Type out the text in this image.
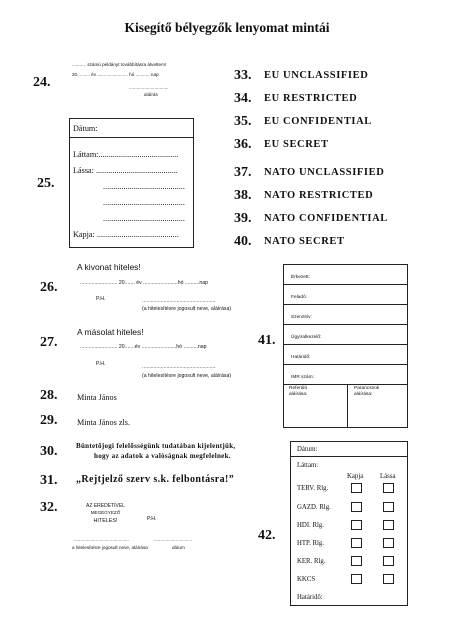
Kisegítő bélyegzők lenyomat mintái
24.
........... számú példányt továbbításra átvettem!
20.......... év ........................ hó ........... nap
...............................
aláírás
25.
Dátum:
Láttam:.......................................
Lássa: ........................................
........................................
........................................
........................................
Kapja: ........................................
33. EU UNCLASSIFIED
34. EU RESTRICTED
35. EU CONFIDENTIAL
36. EU SECRET
37. NATO UNCLASSIFIED
38. NATO RESTRICTED
39. NATO CONFIDENTIAL
40. NATO SECRET
26.
A kivonat hiteles!
.......................... 20....... év ........................hó ..........nap
P.H.	...................................................
(a hitelesítésre jogosult neve, aláírása)
27.
A másolat hiteles!
.......................... 20.......év ........................hó ..........nap
P.H.	...................................................
(a hitelesítésre jogosult neve, aláírása)
28. Minta János
29. Minta János zls.
30.	Büntetőjogi felelősségünk tudatában kijelentjük,
hogy az adatok a valóságnak megfelelnek.
31. „Rejtjelző szerv s.k. felbontásra!”
32.	AZ EREDETIVEL
MEGEGYEZŐ
HITELES!	P.H.
...........................................	..............................
a hitelesítésre jogosult neve, aláírása	dátum
41.
Érkezett:
Feladó:
Szenzitív:
Ügyiratkezelő:
Határidő:
IMR szám:
Referáló
aláírása:
Parancsnok
aláírása:
42.
Dátum:
Láttam:
Kapja Lássa
TERV. Rlg.
GAZD. Rlg.
HDI. Rlg.
HTP. Rlg.
KER. Rlg.
KKCS
Határidő:
